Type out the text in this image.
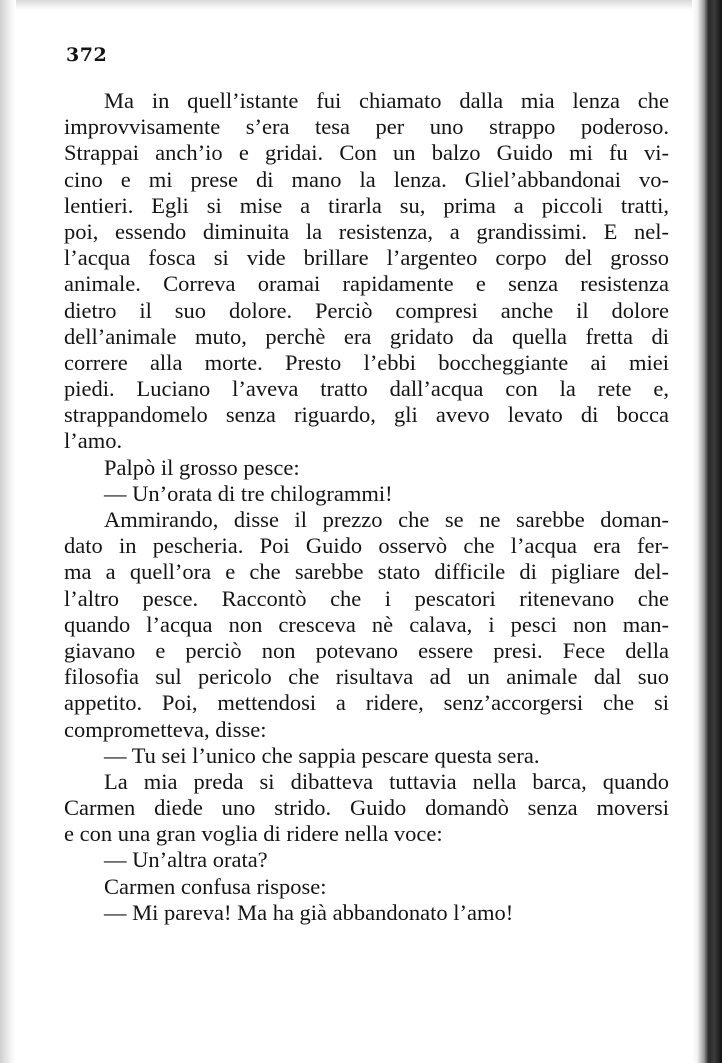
372
Ma in quell’istante fui chiamato dalla mia lenza che
improvvisamente s’era tesa per uno strappo poderoso.
Strappai anch’io e gridai. Con un balzo Guido mi fu vi-
cino e mi prese di mano la lenza. Gliel’abbandonai vo-
lentieri. Egli si mise a tirarla su, prima a piccoli tratti,
poi, essendo diminuita la resistenza, a grandissimi. E nel-
l’acqua fosca si vide brillare l’argenteo corpo del grosso
animale. Correva oramai rapidamente e senza resistenza
dietro il suo dolore. Perciò compresi anche il dolore
dell’animale muto, perchè era gridato da quella fretta di
correre alla morte. Presto l’ebbi boccheggiante ai miei
piedi. Luciano l’aveva tratto dall’acqua con la rete e,
strappandomelo senza riguardo, gli avevo levato di bocca
l’amo.
Palpò il grosso pesce:
— Un’orata di tre chilogrammi!
Ammirando, disse il prezzo che se ne sarebbe doman-
dato in pescheria. Poi Guido osservò che l’acqua era fer-
ma a quell’ora e che sarebbe stato difficile di pigliare del-
l’altro pesce. Raccontò che i pescatori ritenevano che
quando l’acqua non cresceva nè calava, i pesci non man-
giavano e perciò non potevano essere presi. Fece della
filosofia sul pericolo che risultava ad un animale dal suo
appetito. Poi, mettendosi a ridere, senz’accorgersi che si
comprometteva, disse:
— Tu sei l’unico che sappia pescare questa sera.
La mia preda si dibatteva tuttavia nella barca, quando
Carmen diede uno strido. Guido domandò senza moversi
e con una gran voglia di ridere nella voce:
— Un’altra orata?
Carmen confusa rispose:
— Mi pareva! Ma ha già abbandonato l’amo!
